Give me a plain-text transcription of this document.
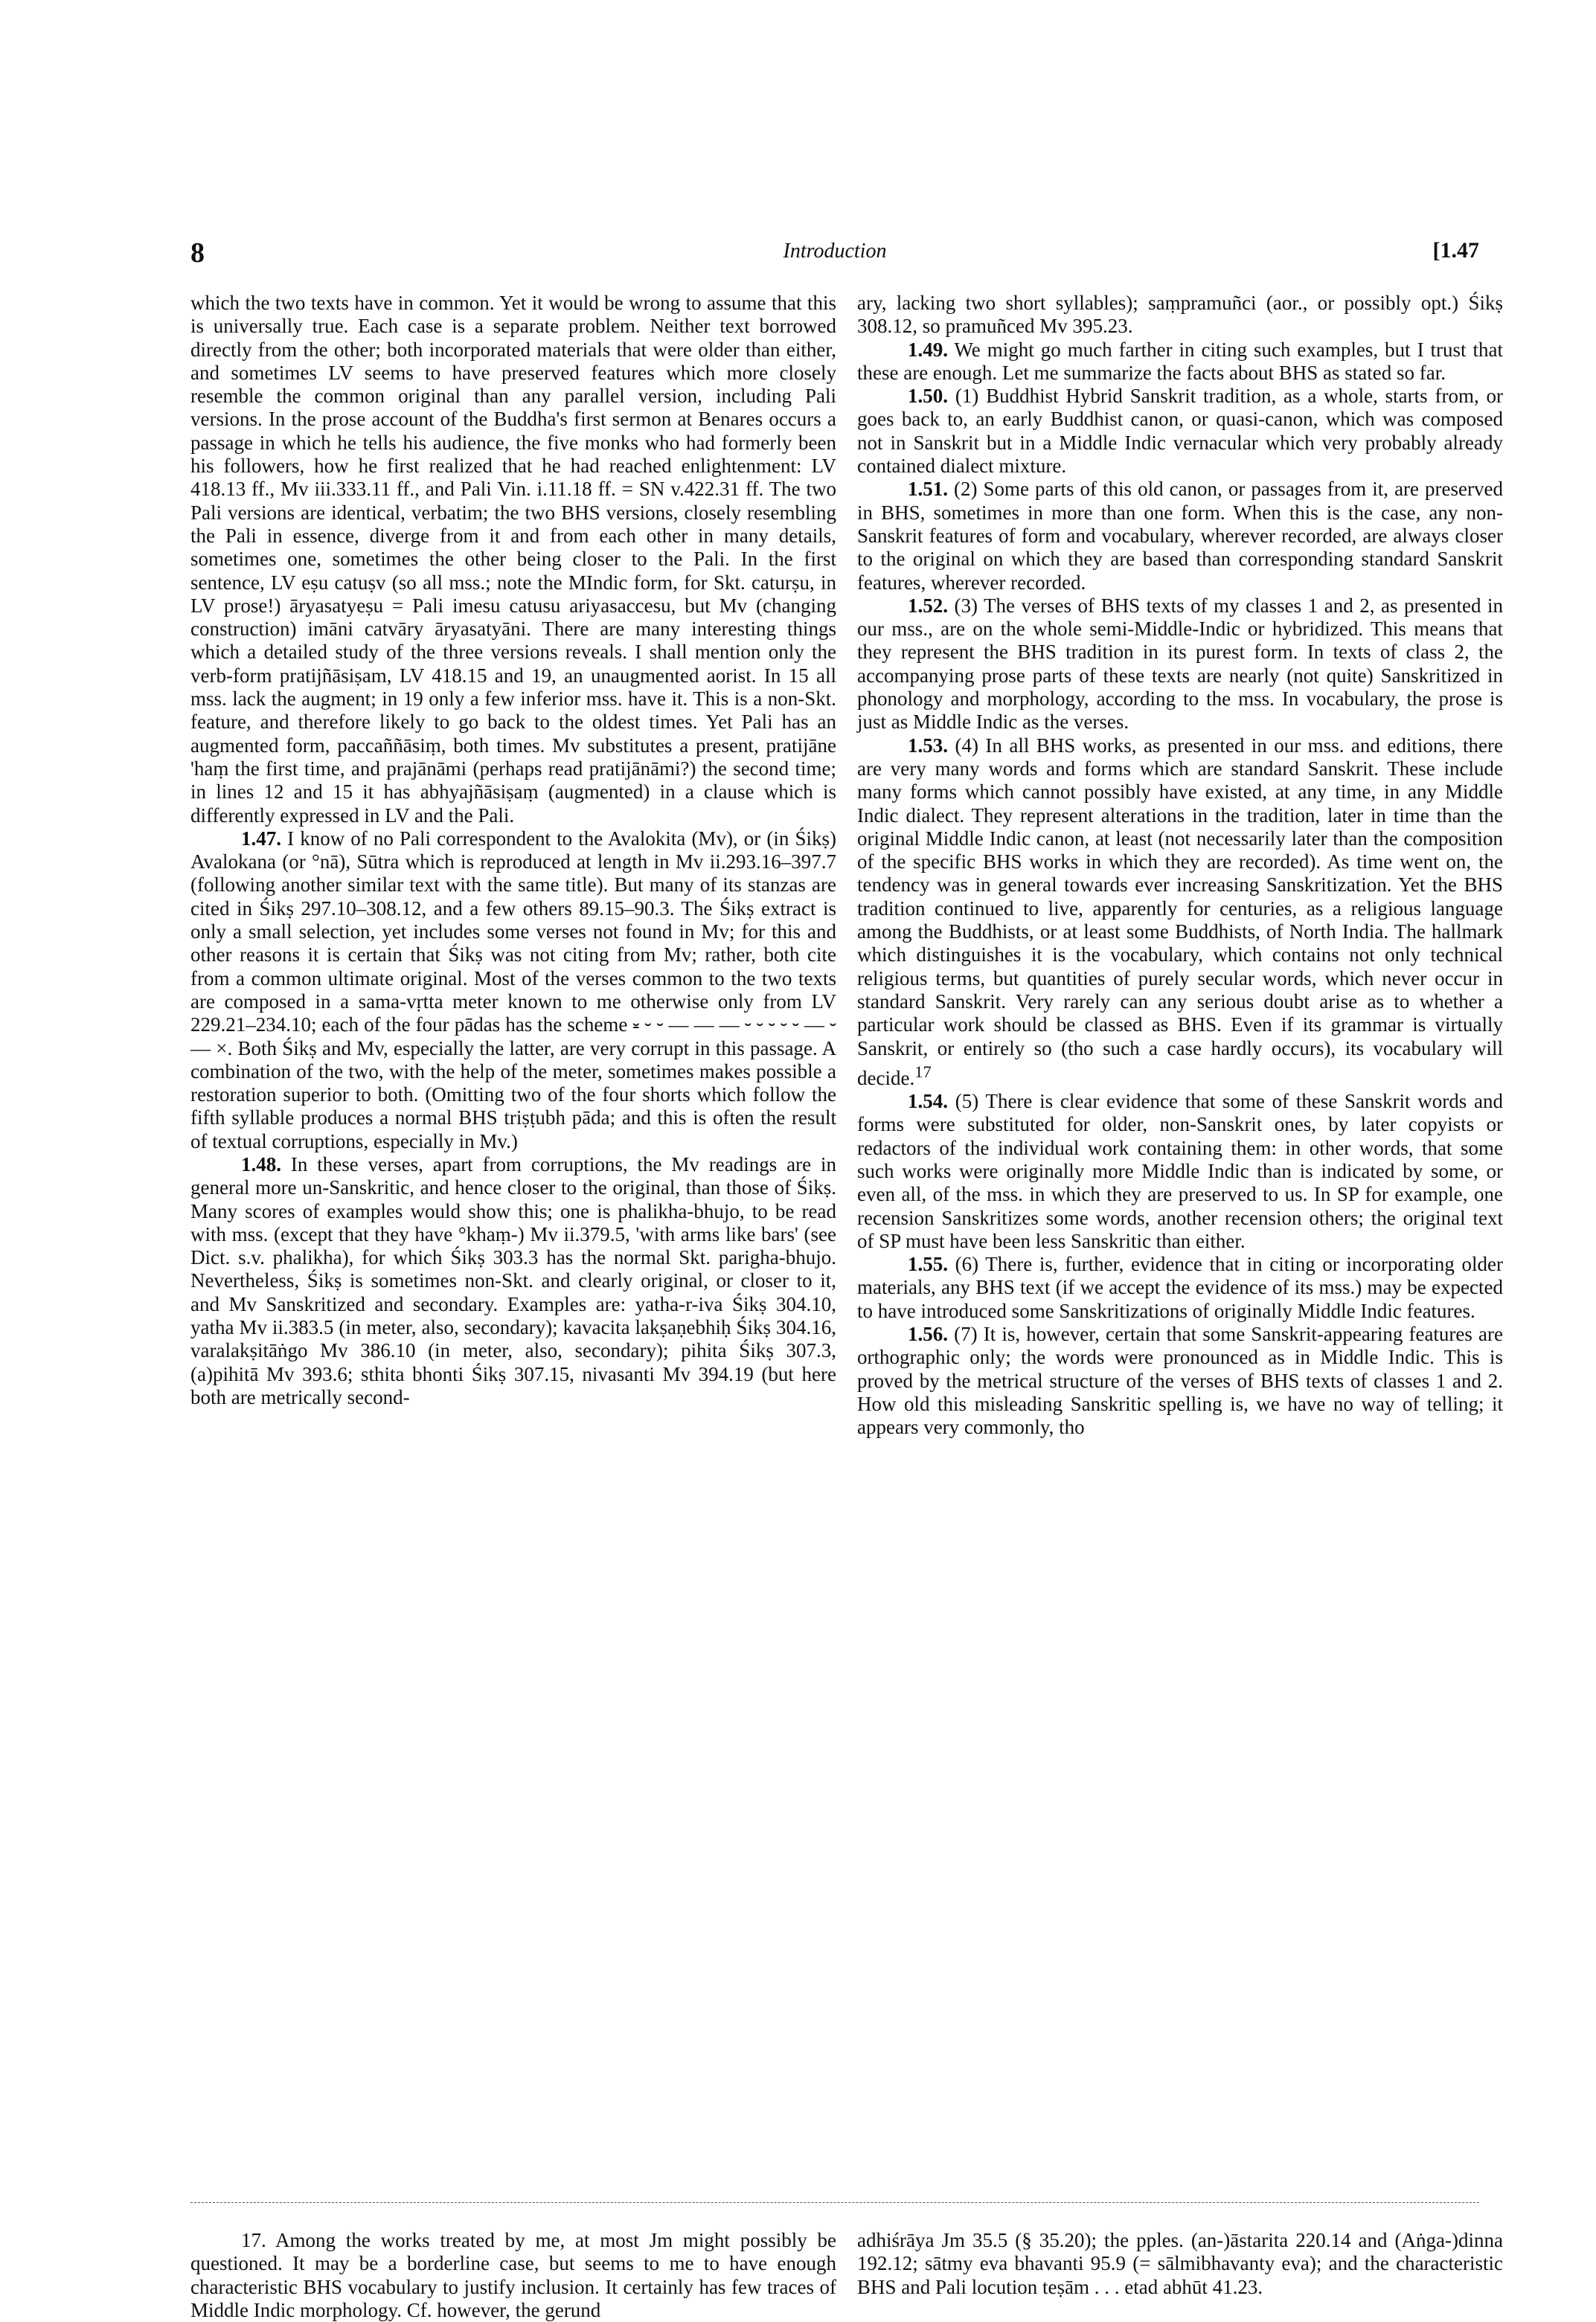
8	Introduction	[1.47

which the two texts have in common. Yet it would be wrong to assume that this is universally true. Each case is a separate problem. Neither text borrowed directly from the other; both incorporated materials that were older than either, and sometimes LV seems to have preserved features which more closely resemble the common original than any parallel version, including Pali versions. In the prose account of the Buddha's first sermon at Benares occurs a passage in which he tells his audience, the five monks who had formerly been his followers, how he first realized that he had reached enlightenment: LV 418.13 ff., Mv iii.333.11 ff., and Pali Vin. i.11.18 ff. = SN v.422.31 ff. The two Pali versions are identical, verbatim; the two BHS versions, closely resembling the Pali in essence, diverge from it and from each other in many details, sometimes one, sometimes the other being closer to the Pali. In the first sentence, LV eṣu catuṣv (so all mss.; note the MIndic form, for Skt. caturṣu, in LV prose!) āryasatyeṣu = Pali imesu catusu ariyasaccesu, but Mv (changing construction) imāni catvāry āryasatyāni. There are many interesting things which a detailed study of the three versions reveals. I shall mention only the verb-form pratijñāsiṣam, LV 418.15 and 19, an unaugmented aorist. In 15 all mss. lack the augment; in 19 only a few inferior mss. have it. This is a non-Skt. feature, and therefore likely to go back to the oldest times. Yet Pali has an augmented form, paccaññāsiṃ, both times. Mv substitutes a present, pratijāne 'haṃ the first time, and prajānāmi (perhaps read pratijānāmi?) the second time; in lines 12 and 15 it has abhyajñāsiṣaṃ (augmented) in a clause which is differently expressed in LV and the Pali.

1.47. I know of no Pali correspondent to the Avalokita (Mv), or (in Śikṣ) Avalokana (or °nā), Sūtra which is reproduced at length in Mv ii.293.16–397.7 (following another similar text with the same title). But many of its stanzas are cited in Śikṣ 297.10–308.12, and a few others 89.15–90.3. The Śikṣ extract is only a small selection, yet includes some verses not found in Mv; for this and other reasons it is certain that Śikṣ was not citing from Mv; rather, both cite from a common ultimate original. Most of the verses common to the two texts are composed in a sama-vṛtta meter known to me otherwise only from LV 229.21–234.10; each of the four pādas has the scheme ⏓ ⏑ ⏑ — — — ⏑ ⏑ ⏑ ⏑ ⏑ — ⏑ — ×. Both Śikṣ and Mv, especially the latter, are very corrupt in this passage. A combination of the two, with the help of the meter, sometimes makes possible a restoration superior to both. (Omitting two of the four shorts which follow the fifth syllable produces a normal BHS triṣṭubh pāda; and this is often the result of textual corruptions, especially in Mv.)

1.48. In these verses, apart from corruptions, the Mv readings are in general more un-Sanskritic, and hence closer to the original, than those of Śikṣ. Many scores of examples would show this; one is phalikha-bhujo, to be read with mss. (except that they have °khaṃ-) Mv ii.379.5, 'with arms like bars' (see Dict. s.v. phalikha), for which Śikṣ 303.3 has the normal Skt. parigha-bhujo. Nevertheless, Śikṣ is sometimes non-Skt. and clearly original, or closer to it, and Mv Sanskritized and secondary. Examples are: yatha-r-iva Śikṣ 304.10, yatha Mv ii.383.5 (in meter, also, secondary); kavacita lakṣaṇebhiḥ Śikṣ 304.16, varalakṣitāṅgo Mv 386.10 (in meter, also, secondary); pihita Śikṣ 307.3, (a)pihitā Mv 393.6; sthita bhonti Śikṣ 307.15, nivasanti Mv 394.19 (but here both are metrically second-

ary, lacking two short syllables); saṃpramuñci (aor., or possibly opt.) Śikṣ 308.12, so pramuñced Mv 395.23.

1.49. We might go much farther in citing such examples, but I trust that these are enough. Let me summarize the facts about BHS as stated so far.

1.50. (1) Buddhist Hybrid Sanskrit tradition, as a whole, starts from, or goes back to, an early Buddhist canon, or quasi-canon, which was composed not in Sanskrit but in a Middle Indic vernacular which very probably already contained dialect mixture.

1.51. (2) Some parts of this old canon, or passages from it, are preserved in BHS, sometimes in more than one form. When this is the case, any non-Sanskrit features of form and vocabulary, wherever recorded, are always closer to the original on which they are based than corresponding standard Sanskrit features, wherever recorded.

1.52. (3) The verses of BHS texts of my classes 1 and 2, as presented in our mss., are on the whole semi-Middle-Indic or hybridized. This means that they represent the BHS tradition in its purest form. In texts of class 2, the accompanying prose parts of these texts are nearly (not quite) Sanskritized in phonology and morphology, according to the mss. In vocabulary, the prose is just as Middle Indic as the verses.

1.53. (4) In all BHS works, as presented in our mss. and editions, there are very many words and forms which are standard Sanskrit. These include many forms which cannot possibly have existed, at any time, in any Middle Indic dialect. They represent alterations in the tradition, later in time than the original Middle Indic canon, at least (not necessarily later than the composition of the specific BHS works in which they are recorded). As time went on, the tendency was in general towards ever increasing Sanskritization. Yet the BHS tradition continued to live, apparently for centuries, as a religious language among the Buddhists, or at least some Buddhists, of North India. The hallmark which distinguishes it is the vocabulary, which contains not only technical religious terms, but quantities of purely secular words, which never occur in standard Sanskrit. Very rarely can any serious doubt arise as to whether a particular work should be classed as BHS. Even if its grammar is virtually Sanskrit, or entirely so (tho such a case hardly occurs), its vocabulary will decide.$^{17}$

1.54. (5) There is clear evidence that some of these Sanskrit words and forms were substituted for older, non-Sanskrit ones, by later copyists or redactors of the individual work containing them: in other words, that some such works were originally more Middle Indic than is indicated by some, or even all, of the mss. in which they are preserved to us. In SP for example, one recension Sanskritizes some words, another recension others; the original text of SP must have been less Sanskritic than either.

1.55. (6) There is, further, evidence that in citing or incorporating older materials, any BHS text (if we accept the evidence of its mss.) may be expected to have introduced some Sanskritizations of originally Middle Indic features.

1.56. (7) It is, however, certain that some Sanskrit-appearing features are orthographic only; the words were pronounced as in Middle Indic. This is proved by the metrical structure of the verses of BHS texts of classes 1 and 2. How old this misleading Sanskritic spelling is, we have no way of telling; it appears very commonly, tho

17. Among the works treated by me, at most Jm might possibly be questioned. It may be a borderline case, but seems to me to have enough characteristic BHS vocabulary to justify inclusion. It certainly has few traces of Middle Indic morphology. Cf. however, the gerund

adhiśrāya Jm 35.5 (§ 35.20); the pples. (an-)āstarita 220.14 and (Aṅga-)dinna 192.12; sātmy eva bhavanti 95.9 (= sālmibhavanty eva); and the characteristic BHS and Pali locution teṣām . . . etad abhūt 41.23.
